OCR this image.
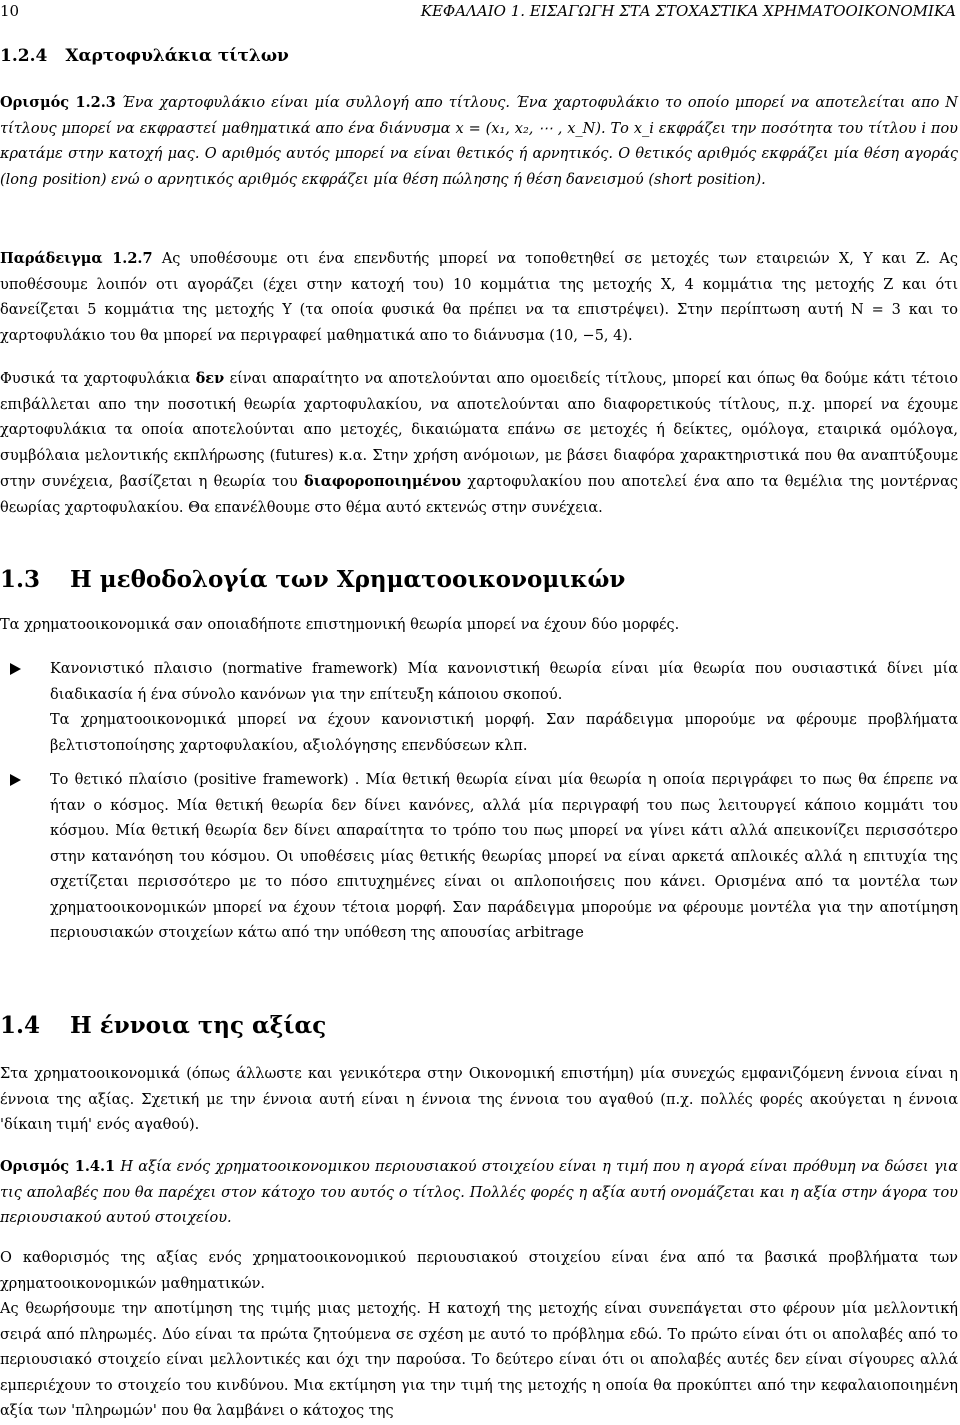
10	ΚΕΦΑΛΑΙΟ 1. ΕΙΣΑΓΩΓΗ ΣΤΑ ΣΤΟΧΑΣΤΙΚΑ ΧΡΗΜΑΤΟΟΙΚΟΝΟΜΙΚΑ
1.2.4 Χαρτοφυλάκια τίτλων

Ορισμός 1.2.3 Ένα χαρτοφυλάκιο είναι μία συλλογή απο τίτλους. Ένα χαρτοφυλάκιο το οποίο μπορεί να αποτελείται απο N τίτλους μπορεί να εκφραστεί μαθηματικά απο ένα διάνυσμα x = (x₁, x₂, ⋯ , x_N). Το x_i εκφράζει την ποσότητα του τίτλου i που κρατάμε στην κατοχή μας. Ο αριθμός αυτός μπορεί να είναι θετικός ή αρνητικός. Ο θετικός αριθμός εκφράζει μία θέση αγοράς (long position) ενώ ο αρνητικός αριθμός εκφράζει μία θέση πώλησης ή θέση δανεισμού (short position).

Παράδειγμα 1.2.7 Ας υποθέσουμε οτι ένα επενδυτής μπορεί να τοποθετηθεί σε μετοχές των εταιρειών X, Y και Z. Ας υποθέσουμε λοιπόν οτι αγοράζει (έχει στην κατοχή του) 10 κομμάτια της μετοχής X, 4 κομμάτια της μετοχής Z και ότι δανείζεται 5 κομμάτια της μετοχής Y (τα οποία φυσικά θα πρέπει να τα επιστρέψει). Στην περίπτωση αυτή N = 3 και το χαρτοφυλάκιο του θα μπορεί να περιγραφεί μαθηματικά απο το διάνυσμα (10, −5, 4).

Φυσικά τα χαρτοφυλάκια δεν είναι απαραίτητο να αποτελούνται απο ομοειδείς τίτλους, μπορεί και όπως θα δούμε κάτι τέτοιο επιβάλλεται απο την ποσοτική θεωρία χαρτοφυλακίου, να αποτελούνται απο διαφορετικούς τίτλους, π.χ. μπορεί να έχουμε χαρτοφυλάκια τα οποία αποτελούνται απο μετοχές, δικαιώματα επάνω σε μετοχές ή δείκτες, ομόλογα, εταιρικά ομόλογα, συμβόλαια μελοντικής εκπλήρωσης (futures) κ.α. Στην χρήση ανόμοιων, με βάσει διαφόρα χαρακτηριστικά που θα αναπτύξουμε στην συνέχεια, βασίζεται η θεωρία του διαφοροποιημένου χαρτοφυλακίου που αποτελεί ένα απο τα θεμέλια της μοντέρνας θεωρίας χαρτοφυλακίου. Θα επανέλθουμε στο θέμα αυτό εκτενώς στην συνέχεια.

1.3 Η μεθοδολογία των Χρηματοοικονομικών

Τα χρηματοοικονομικά σαν οποιαδήποτε επιστημονική θεωρία μπορεί να έχουν δύο μορφές.

Κανονιστικό πλαισιο (normative framework) Μία κανονιστική θεωρία είναι μία θεωρία που ουσιαστικά δίνει μία διαδικασία ή ένα σύνολο κανόνων για την επίτευξη κάποιου σκοπού.

Τα χρηματοοικονομικά μπορεί να έχουν κανονιστική μορφή. Σαν παράδειγμα μπορούμε να φέρουμε προβλήματα βελτιστοποίησης χαρτοφυλακίου, αξιολόγησης επενδύσεων κλπ.

Το θετικό πλαίσιο (positive framework) . Μία θετική θεωρία είναι μία θεωρία η οποία περιγράφει το πως θα έπρεπε να ήταν ο κόσμος. Μία θετική θεωρία δεν δίνει κανόνες, αλλά μία περιγραφή του πως λειτουργεί κάποιο κομμάτι του κόσμου. Μία θετική θεωρία δεν δίνει απαραίτητα το τρόπο του πως μπορεί να γίνει κάτι αλλά απεικονίζει περισσότερο στην κατανόηση του κόσμου. Οι υποθέσεις μίας θετικής θεωρίας μπορεί να είναι αρκετά απλοικές αλλά η επιτυχία της σχετίζεται περισσότερο με το πόσο επιτυχημένες είναι οι απλοποιήσεις που κάνει. Ορισμένα από τα μοντέλα των χρηματοοικονομικών μπορεί να έχουν τέτοια μορφή. Σαν παράδειγμα μπορούμε να φέρουμε μοντέλα για την αποτίμηση περιουσιακών στοιχείων κάτω από την υπόθεση της απουσίας arbitrage

1.4 Η έννοια της αξίας

Στα χρηματοοικονομικά (όπως άλλωστε και γενικότερα στην Οικονομική επιστήμη) μία συνεχώς εμφανιζόμενη έννοια είναι η έννοια της αξίας. Σχετική με την έννοια αυτή είναι η έννοια της έννοια του αγαθού (π.χ. πολλές φορές ακούγεται η έννοια 'δίκαιη τιμή' ενός αγαθού).

Ορισμός 1.4.1 Η αξία ενός χρηματοοικονομικου περιουσιακού στοιχείου είναι η τιμή που η αγορά είναι πρόθυμη να δώσει για τις απολαβές που θα παρέχει στον κάτοχο του αυτός ο τίτλος. Πολλές φορές η αξία αυτή ονομάζεται και η αξία στην άγορα του περιουσιακού αυτού στοιχείου.

Ο καθορισμός της αξίας ενός χρηματοοικονομικού περιουσιακού στοιχείου είναι ένα από τα βασικά προβλήματα των χρηματοοικονομικών μαθηματικών.

Ας θεωρήσουμε την αποτίμηση της τιμής μιας μετοχής. Η κατοχή της μετοχής είναι συνεπάγεται στο φέρουν μία μελλοντική σειρά από πληρωμές. Δύο είναι τα πρώτα ζητούμενα σε σχέση με αυτό το πρόβλημα εδώ. Το πρώτο είναι ότι οι απολαβές από το περιουσιακό στοιχείο είναι μελλοντικές και όχι την παρούσα. Το δεύτερο είναι ότι οι απολαβές αυτές δεν είναι σίγουρες αλλά εμπεριέχουν το στοιχείο του κινδύνου. Μια εκτίμηση για την τιμή της μετοχής η οποία θα προκύπτει από την κεφαλαιοποιημένη αξία των 'πληρωμών' που θα λαμβάνει ο κάτοχος της
